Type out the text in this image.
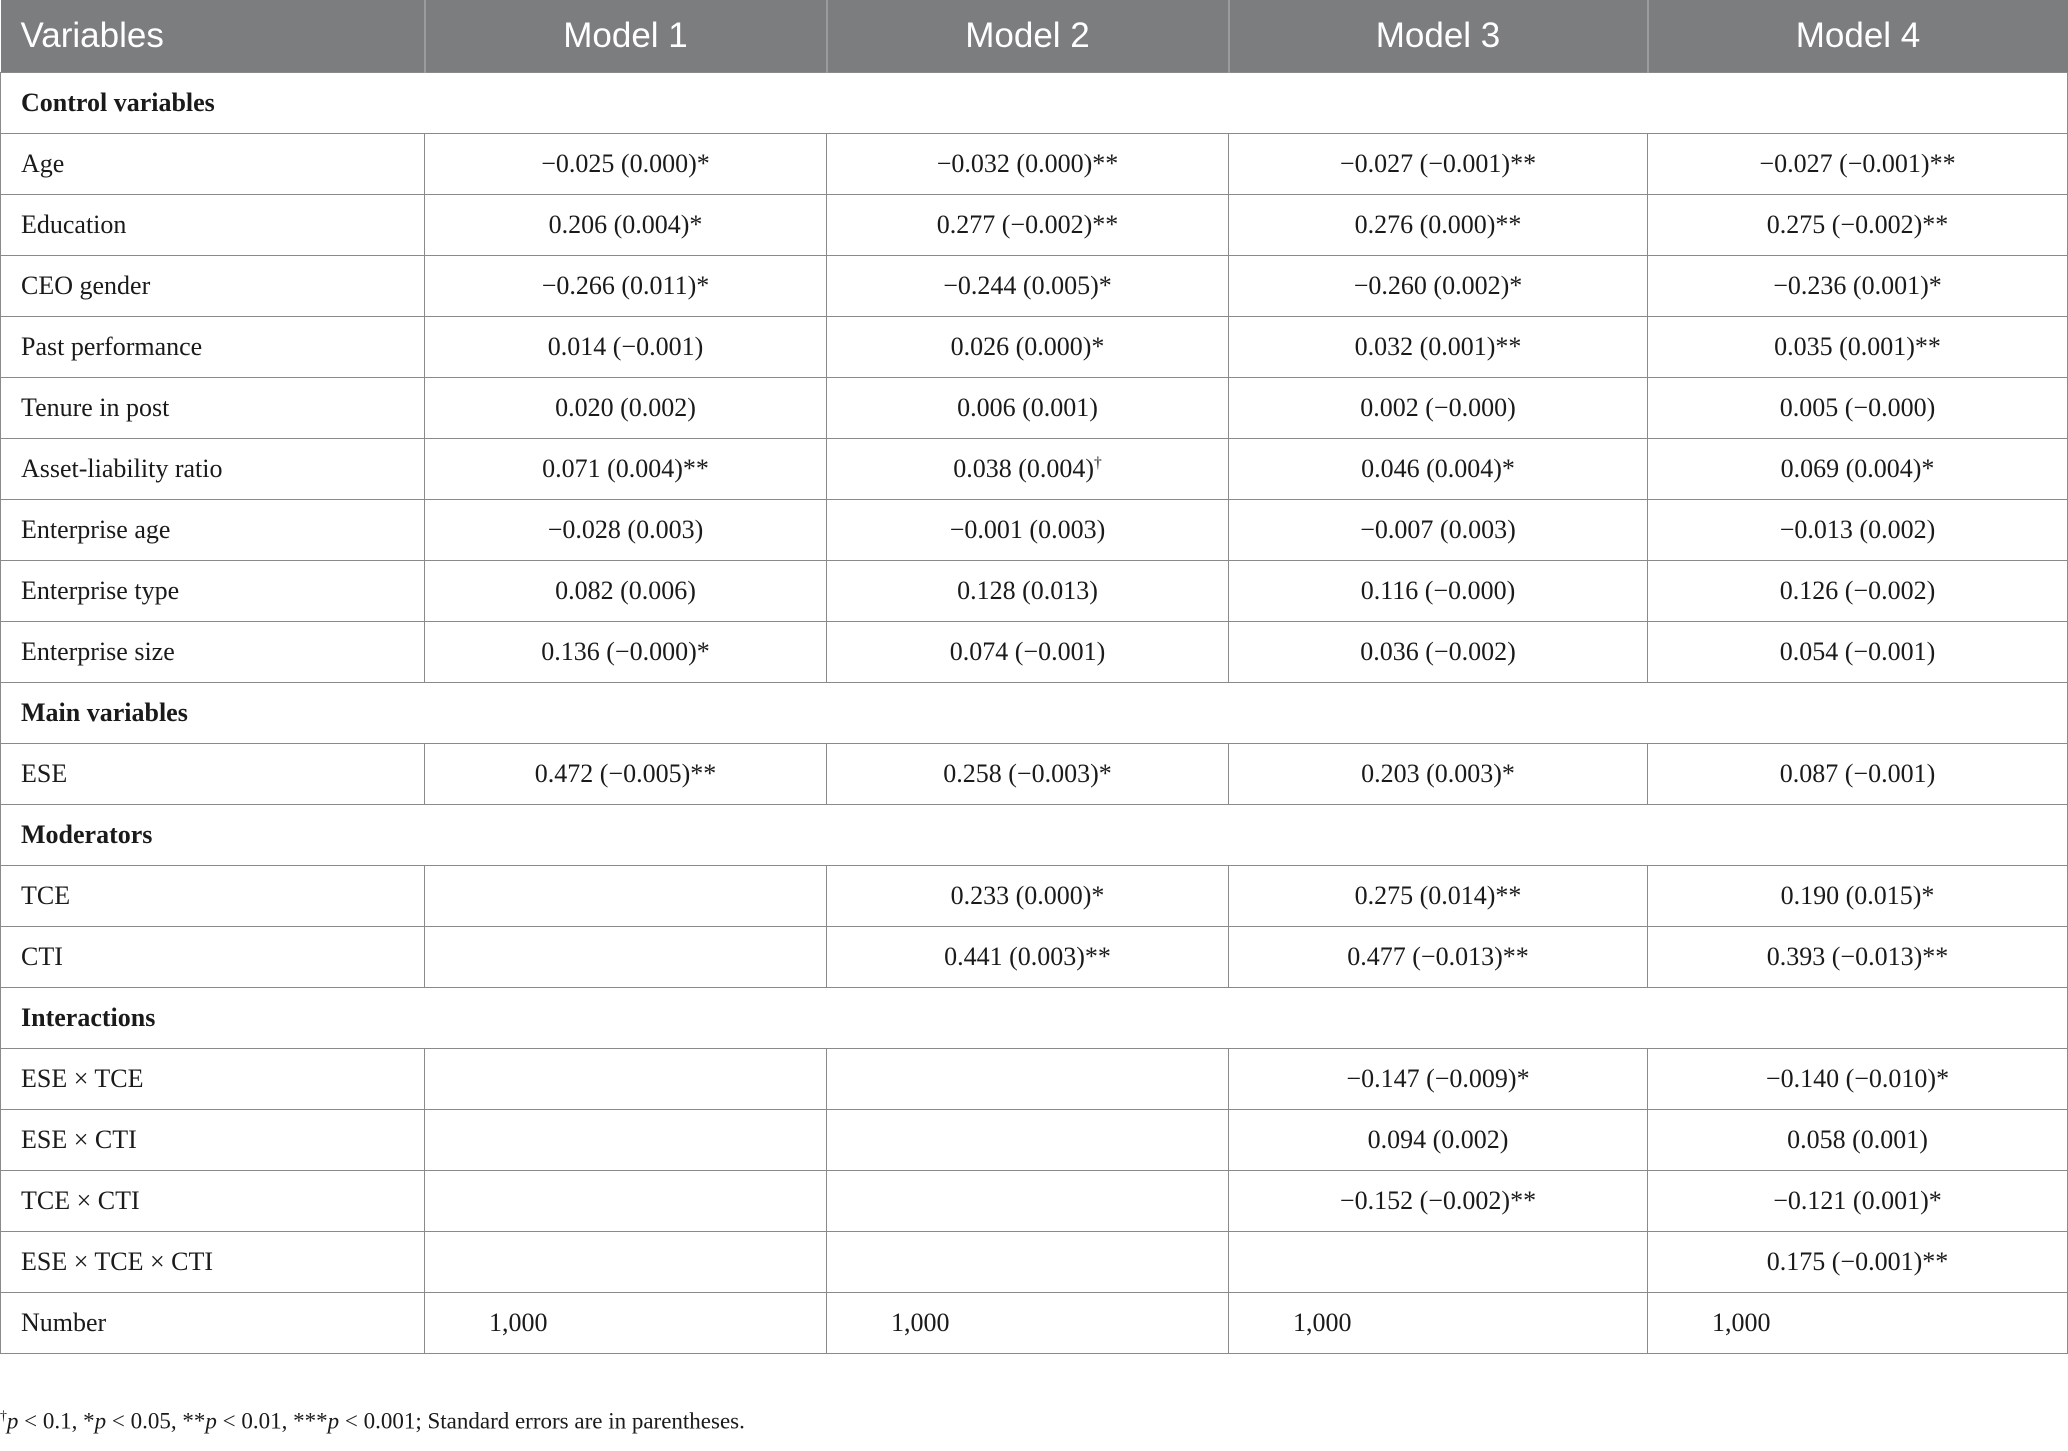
Variables	Model 1	Model 2	Model 3	Model 4
Control variables				
Age	−0.025 (0.000)*	−0.032 (0.000)**	−0.027 (−0.001)**	−0.027 (−0.001)**
Education	0.206 (0.004)*	0.277 (−0.002)**	0.276 (0.000)**	0.275 (−0.002)**
CEO gender	−0.266 (0.011)*	−0.244 (0.005)*	−0.260 (0.002)*	−0.236 (0.001)*
Past performance	0.014 (−0.001)	0.026 (0.000)*	0.032 (0.001)**	0.035 (0.001)**
Tenure in post	0.020 (0.002)	0.006 (0.001)	0.002 (−0.000)	0.005 (−0.000)
Asset-liability ratio	0.071 (0.004)**	0.038 (0.004)†	0.046 (0.004)*	0.069 (0.004)*
Enterprise age	−0.028 (0.003)	−0.001 (0.003)	−0.007 (0.003)	−0.013 (0.002)
Enterprise type	0.082 (0.006)	0.128 (0.013)	0.116 (−0.000)	0.126 (−0.002)
Enterprise size	0.136 (−0.000)*	0.074 (−0.001)	0.036 (−0.002)	0.054 (−0.001)
Main variables				
ESE	0.472 (−0.005)**	0.258 (−0.003)*	0.203 (0.003)*	0.087 (−0.001)
Moderators				
TCE		0.233 (0.000)*	0.275 (0.014)**	0.190 (0.015)*
CTI		0.441 (0.003)**	0.477 (−0.013)**	0.393 (−0.013)**
Interactions				
ESE × TCE			−0.147 (−0.009)*	−0.140 (−0.010)*
ESE × CTI			0.094 (0.002)	0.058 (0.001)
TCE × CTI			−0.152 (−0.002)**	−0.121 (0.001)*
ESE × TCE × CTI				0.175 (−0.001)**
Number	1,000	1,000	1,000	1,000
†p < 0.1, *p < 0.05, **p < 0.01, ***p < 0.001; Standard errors are in parentheses.
